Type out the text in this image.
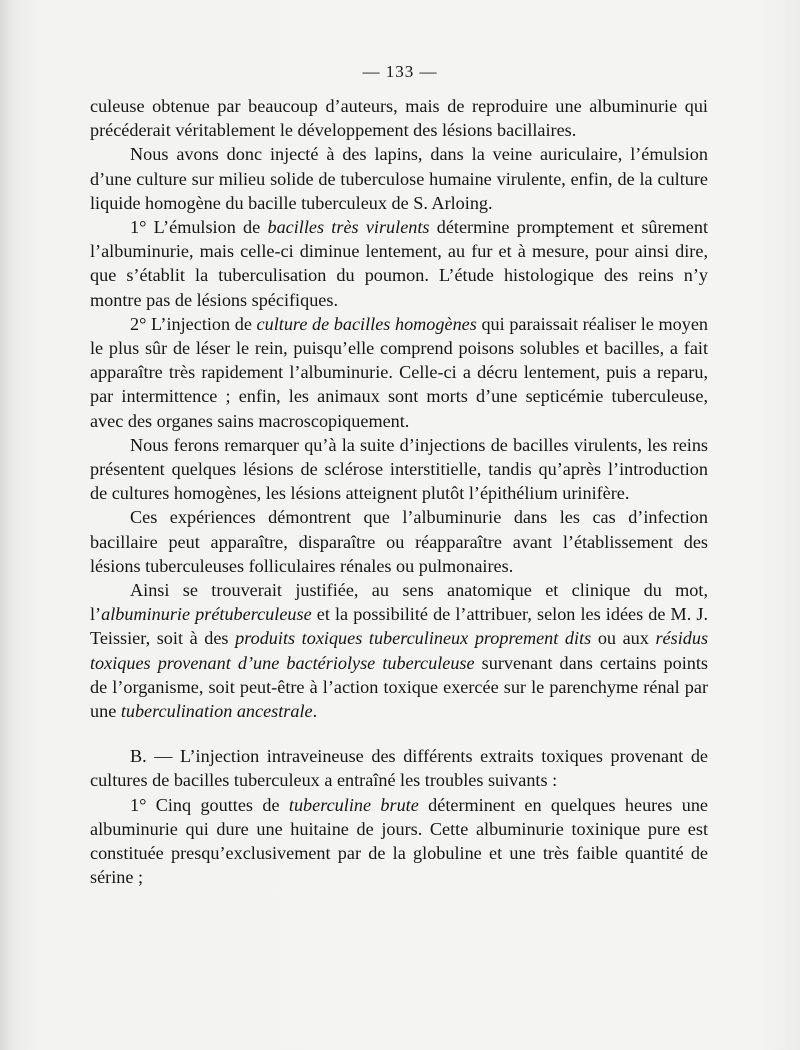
— 133 —

culeuse obtenue par beaucoup d’auteurs, mais de reproduire une albuminurie qui précéderait véritablement le développement des lésions bacillaires.

Nous avons donc injecté à des lapins, dans la veine auriculaire, l’émulsion d’une culture sur milieu solide de tuberculose humaine virulente, enfin, de la culture liquide homogène du bacille tuberculeux de S. Arloing.

1° L’émulsion de bacilles très virulents détermine promptement et sûrement l’albuminurie, mais celle-ci diminue lentement, au fur et à mesure, pour ainsi dire, que s’établit la tuberculisation du poumon. L’étude histologique des reins n’y montre pas de lésions spécifiques.

2° L’injection de culture de bacilles homogènes qui paraissait réaliser le moyen le plus sûr de léser le rein, puisqu’elle comprend poisons solubles et bacilles, a fait apparaître très rapidement l’albuminurie. Celle-ci a décru lentement, puis a reparu, par intermittence ; enfin, les animaux sont morts d’une septicémie tuberculeuse, avec des organes sains macroscopiquement.

Nous ferons remarquer qu’à la suite d’injections de bacilles virulents, les reins présentent quelques lésions de sclérose interstitielle, tandis qu’après l’introduction de cultures homogènes, les lésions atteignent plutôt l’épithélium urinifère.

Ces expériences démontrent que l’albuminurie dans les cas d’infection bacillaire peut apparaître, disparaître ou réapparaître avant l’établissement des lésions tuberculeuses folliculaires rénales ou pulmonaires.

Ainsi se trouverait justifiée, au sens anatomique et clinique du mot, l’albuminurie prétuberculeuse et la possibilité de l’attribuer, selon les idées de M. J. Teissier, soit à des produits toxiques tuberculineux proprement dits ou aux résidus toxiques provenant d’une bactériolyse tuberculeuse survenant dans certains points de l’organisme, soit peut-être à l’action toxique exercée sur le parenchyme rénal par une tuberculination ancestrale.

B. — L’injection intraveineuse des différents extraits toxiques provenant de cultures de bacilles tuberculeux a entraîné les troubles suivants :

1° Cinq gouttes de tuberculine brute déterminent en quelques heures une albuminurie qui dure une huitaine de jours. Cette albuminurie toxinique pure est constituée presqu’exclusivement par de la globuline et une très faible quantité de sérine ;
